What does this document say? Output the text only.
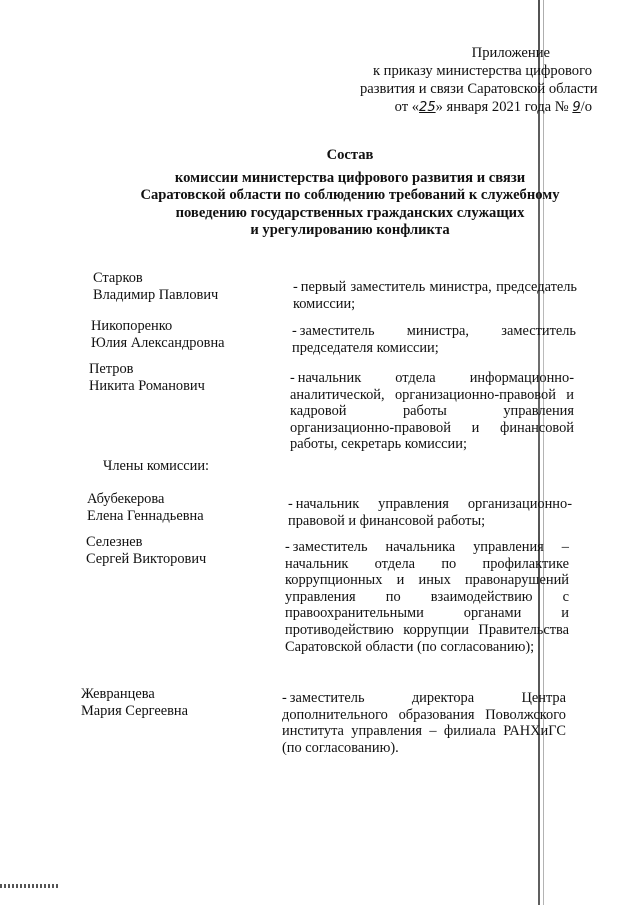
Приложение
к приказу министерства цифрового
развития и связи Саратовской области
от «25» января 2021 года № 9/о
Состав
комиссии министерства цифрового развития и связи
Саратовской области по соблюдению требований к служебному
поведению государственных гражданских служащих
и урегулированию конфликта
Старков
Владимир Павлович	- первый заместитель министра, председатель комиссии;
Никопоренко
Юлия Александровна
- заместитель министра, заместитель председателя комиссии;
Петров
Никита Романович	- начальник отдела информационно-аналитической, организационно-правовой и кадровой работы управления организационно-правовой и финансовой работы, секретарь комиссии;
Члены комиссии:
Абубекерова
Елена Геннадьевна
- начальник управления организационно-правовой и финансовой работы;
Селезнев
Сергей Викторович
- заместитель начальника управления – начальник отдела по профилактике коррупционных и иных правонарушений управления по взаимодействию с правоохранительными органами и противодействию коррупции Правительства Саратовской области (по согласованию);
Жевранцева
Мария Сергеевна
- заместитель директора Центра дополнительного образования Поволжского института управления – филиала РАНХиГС (по согласованию).
